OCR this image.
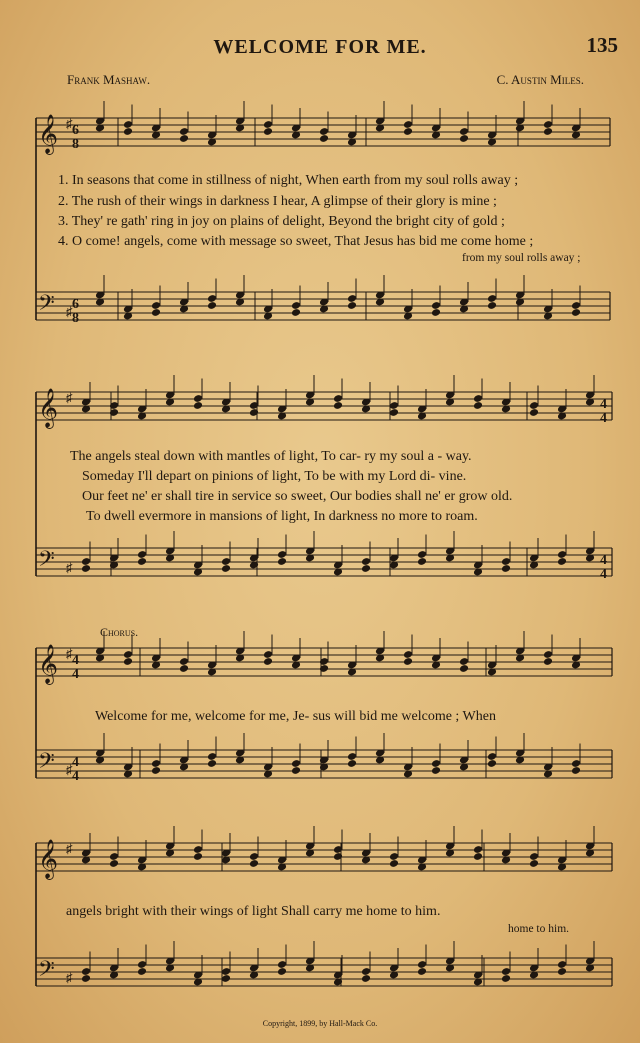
WELCOME FOR ME.	135
Frank Mashaw.	C. Austin Miles.
𝄞
𝄢
♯
♯
𝄞
𝄢
♯
♯
𝄞
𝄢
♯
♯
𝄞
𝄢
♯
♯
6
8
6
8
4
4
4
4
4
4
4
4
1. In seasons that come in stillness of night, When earth from my soul rolls away ;
2. The rush of their wings in darkness I hear, A glimpse of their glory is mine ;
3. They' re gath' ring in joy on plains of delight, Beyond the bright city of gold ;
4. O come! angels, come with message so sweet, That Jesus has bid me come home ;
from my soul rolls away ;
The angels steal down with mantles of light, To car- ry my soul a - way.
Someday I'll depart on pinions of light, To be with my Lord di- vine.
Our feet ne' er shall tire in service so sweet, Our bodies shall ne' er grow old.
To dwell evermore in mansions of light, In darkness no more to roam.
Chorus.
Welcome for me, welcome for me, Je- sus will bid me welcome ; When
angels bright with their wings of light Shall carry me home to him.
home to him.
Copyright, 1899, by Hall-Mack Co.
